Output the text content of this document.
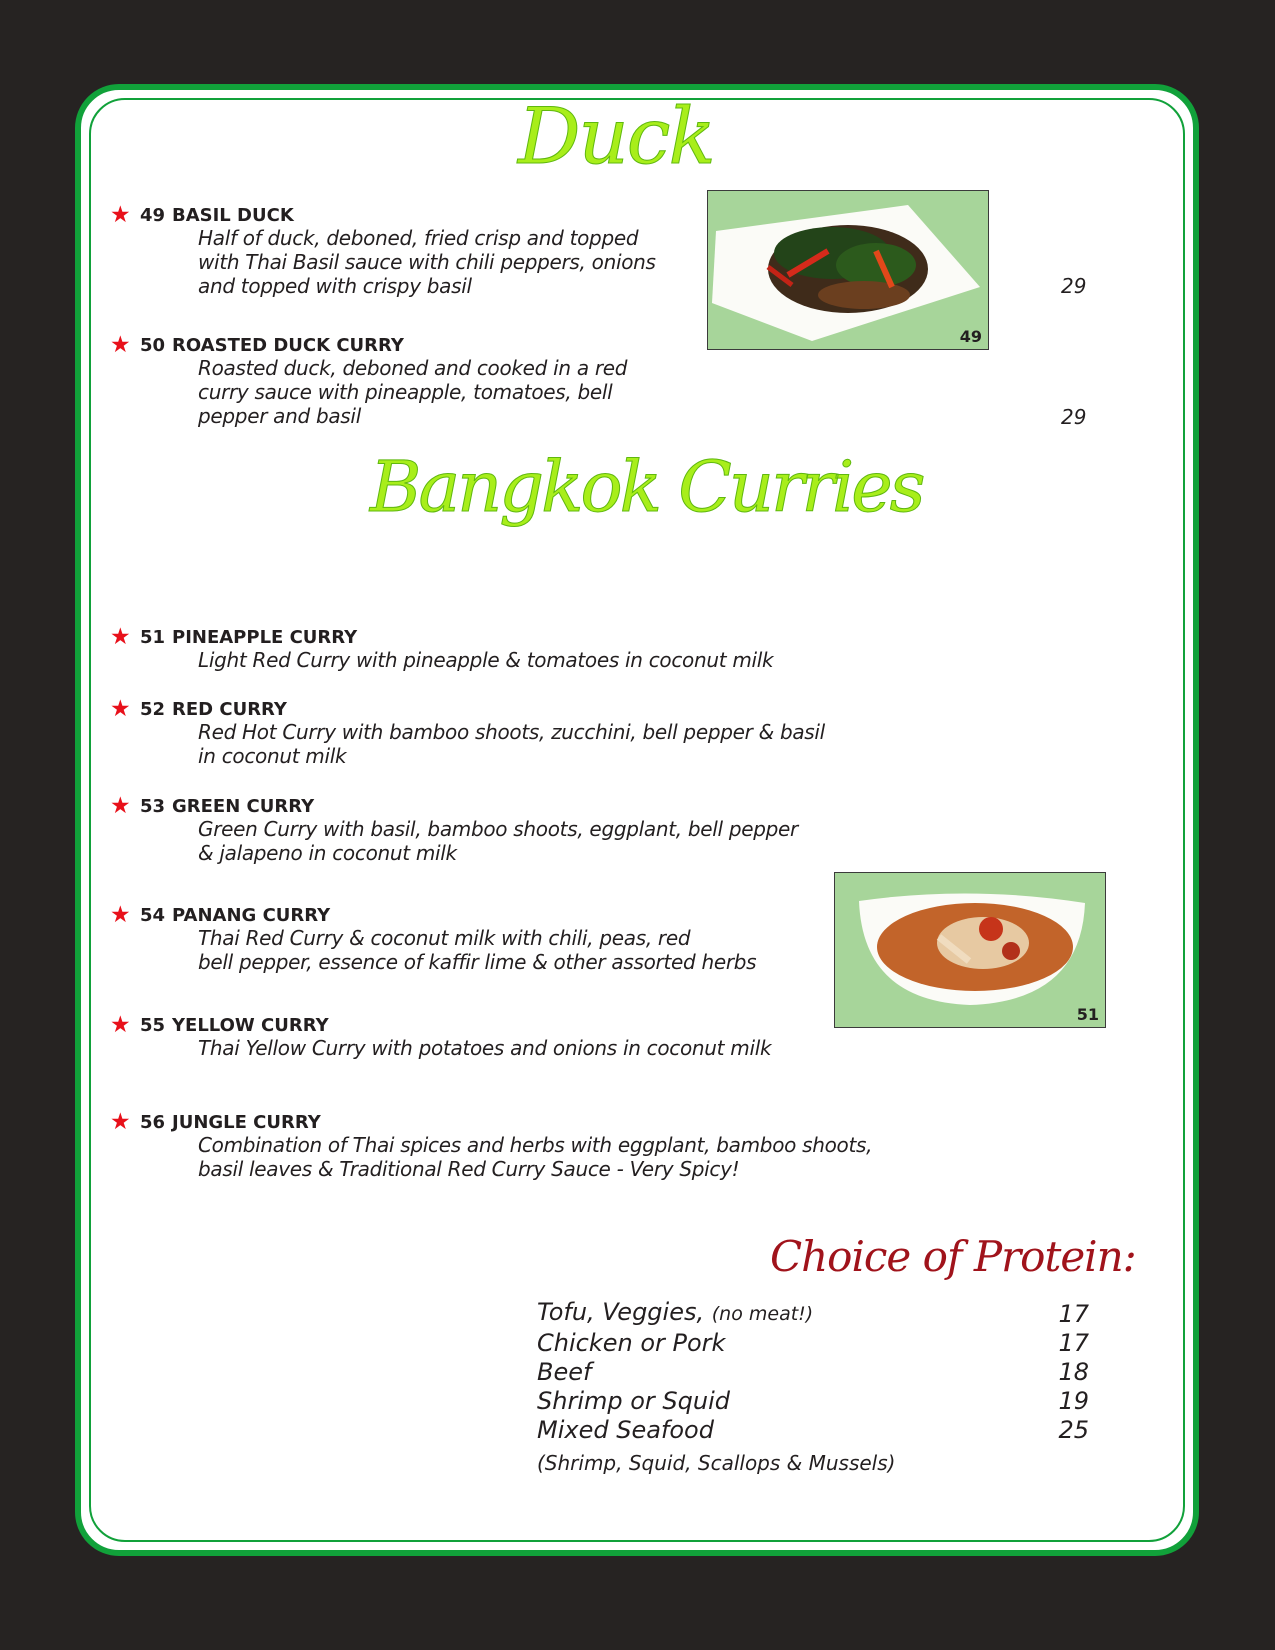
Duck
Bangkok Curries
49
51
★ 49 BASIL DUCK
Half of duck, deboned, fried crisp and topped
with Thai Basil sauce with chili peppers, onions
and topped with crispy basil	29
★ 50 ROASTED DUCK CURRY
Roasted duck, deboned and cooked in a red
curry sauce with pineapple, tomatoes, bell
pepper and basil	29
★ 51 PINEAPPLE CURRY
Light Red Curry with pineapple & tomatoes in coconut milk
★ 52 RED CURRY
Red Hot Curry with bamboo shoots, zucchini, bell pepper & basil
in coconut milk
★ 53 GREEN CURRY
Green Curry with basil, bamboo shoots, eggplant, bell pepper
& jalapeno in coconut milk
★ 54 PANANG CURRY
Thai Red Curry & coconut milk with chili, peas, red
bell pepper, essence of kaffir lime & other assorted herbs
★ 55 YELLOW CURRY
Thai Yellow Curry with potatoes and onions in coconut milk
★ 56 JUNGLE CURRY
Combination of Thai spices and herbs with eggplant, bamboo shoots,
basil leaves & Traditional Red Curry Sauce - Very Spicy!
Choice of Protein:
Tofu, Veggies, (no meat!)	17
Chicken or Pork	17
Beef	18
Shrimp or Squid	19
Mixed Seafood	25
(Shrimp, Squid, Scallops & Mussels)
